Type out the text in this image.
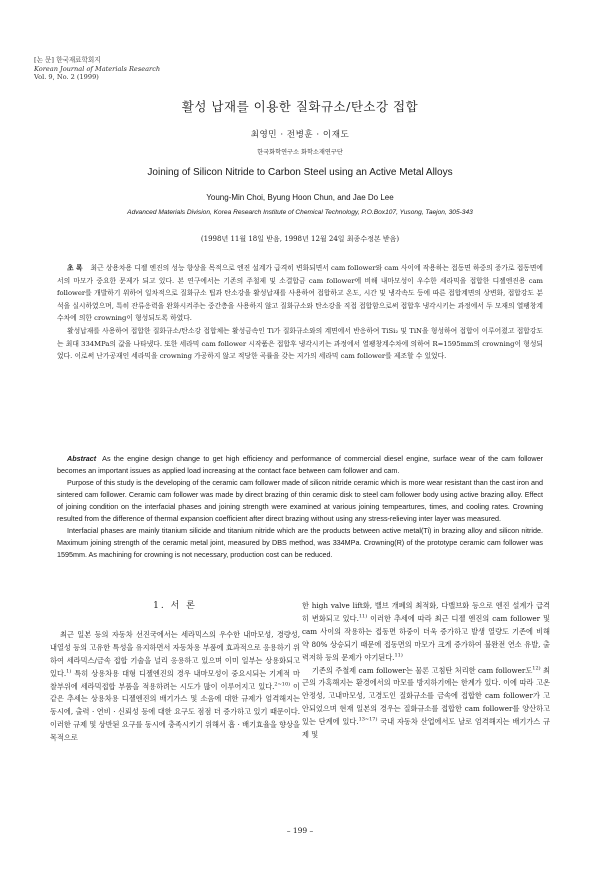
[논 문] 한국재료학회지
Korean Journal of Materials Research
Vol. 9, No. 2 (1999)
활성 납재를 이용한 질화규소/탄소강 접합
최영민 · 전병훈 · 이재도
한국화학연구소 화학소재연구단
Joining of Silicon Nitride to Carbon Steel using an Active Metal Alloys
Young-Min Choi, Byung Hoon Chun, and Jae Do Lee
Advanced Materials Division, Korea Research Institute of Chemical Technology, P.O.Box107, Yusong, Taejon, 305-343
(1998년 11월 18일 받음, 1998년 12월 24일 최종수정본 받음)

초 록 최근 상용차용 디젤 엔진의 성능 향상을 목적으로 엔진 설계가 급격히 변화되면서 cam follower와 cam 사이에 작용하는 접동면 하중의 증가로 접동면에서의 마모가 중요한 문제가 되고 있다. 본 연구에서는 기존의 주철제 및 소결합금 cam follower에 비해 내마모성이 우수한 세라믹을 접합한 디젤엔진용 cam follower를 개발하기 위하여 일차적으로 질화규소 팁과 탄소강을 활성납재를 사용하여 접합하고 온도, 시간 및 냉각속도 등에 따른 접합계면의 상변화, 접합강도 분석을 실시하였으며, 특히 잔류응력을 완화시켜주는 중간층을 사용하지 않고 질화규소와 탄소강을 직접 접합함으로써 접합후 냉각시키는 과정에서 두 모재의 열팽창계수차에 의한 crowning이 형성되도록 하였다.

활성납재를 사용하여 접합한 질화규소/탄소강 접합체는 활성금속인 Ti가 질화규소와의 계면에서 반응하여 TiSi₂ 및 TiN을 형성하여 접합이 이루어졌고 접합강도는 최대 334MPa의 값을 나타냈다. 또한 세라믹 cam follower 시작품은 접합후 냉각시키는 과정에서 열팽창계수차에 의하여 R=1595mm의 crowning이 형성되었다. 이로써 난가공재인 세라믹을 crowning 가공하지 않고 적당한 곡률을 갖는 저가의 세라믹 cam follower를 제조할 수 있었다.

Abstract As the engine design change to get high efficiency and performance of commercial diesel engine, surface wear of the cam follower becomes an important issues as applied load increasing at the contact face between cam follower and cam.

Purpose of this study is the developing of the ceramic cam follower made of silicon nitride ceramic which is more wear resistant than the cast iron and sintered cam follower. Ceramic cam follower was made by direct brazing of thin ceramic disk to steel cam follower body using active brazing alloy. Effect of joining condition on the interfacial phases and joining strength were examined at various joining tempeartures, times, and cooling rates. Crowning resulted from the difference of thermal expansion coefficient after direct brazing without using any stress-relieving inter layer was measured.

Interfacial phases are mainly titanium silicide and titanium nitride which are the products between active metal(Ti) in brazing alloy and silicon nitride. Maximum joining strength of the ceramic metal joint, measured by DBS method, was 334MPa. Crowning(R) of the prototype ceramic cam follower was 1595mm. As machining for crowning is not necessary, production cost can be reduced.

1. 서 론

최근 일본 등의 자동차 선진국에서는 세라믹스의 우수한 내마모성, 경량성, 내열성 등의 고유한 특성을 유지하면서 자동차용 부품에 효과적으로 응용하기 위하여 세라믹스/금속 접합 기술을 널리 응용하고 있으며 이미 일부는 상용화되고 있다.$^{1)}$ 특히 상용차용 대형 디젤엔진의 경우 내마모성이 중요시되는 기계적 마찰부위에 세라믹접합 부품을 적용하려는 시도가 많이 이루어지고 있다.$^{2\sim 10)}$ 이 같은 추세는 상용차용 디젤엔진의 배기가스 및 소음에 대한 규제가 엄격해지는 동시에, 출력 · 연비 · 신뢰성 등에 대한 요구도 점점 더 증가하고 있기 때문이다. 이러한 규제 및 상반된 요구를 동시에 충족시키기 위해서 흡 · 배기효율을 향상을 목적으로

한 high valve lift화, 밸브 개폐의 최적화, 다밸브화 등으로 엔진 설계가 급격히 변화되고 있다.$^{11)}$ 이러한 추세에 따라 최근 디젤 엔진의 cam follower 및 cam 사이의 작용하는 접동면 하중이 더욱 증가하고 발생 열량도 기존에 비해 약 80% 상승되기 때문에 접동면의 마모가 크게 증가하여 불완전 연소 유발, 출력저하 등의 문제가 야기된다.$^{11)}$

기존의 주철제 cam follower는 물론 고침탄 처리한 cam follower도$^{12)}$ 최근의 가혹해지는 환경에서의 마모를 방지하기에는 한계가 있다. 이에 따라 고온 안정성, 고내마모성, 고경도인 질화규소를 금속에 접합한 cam follower가 고안되었으며 현재 일본의 경우는 질화규소를 접합한 cam follower를 양산하고 있는 단계에 있다.$^{13\sim 17)}$ 국내 자동차 산업에서도 날로 엄격해지는 배기가스 규제 및

– 199 –
